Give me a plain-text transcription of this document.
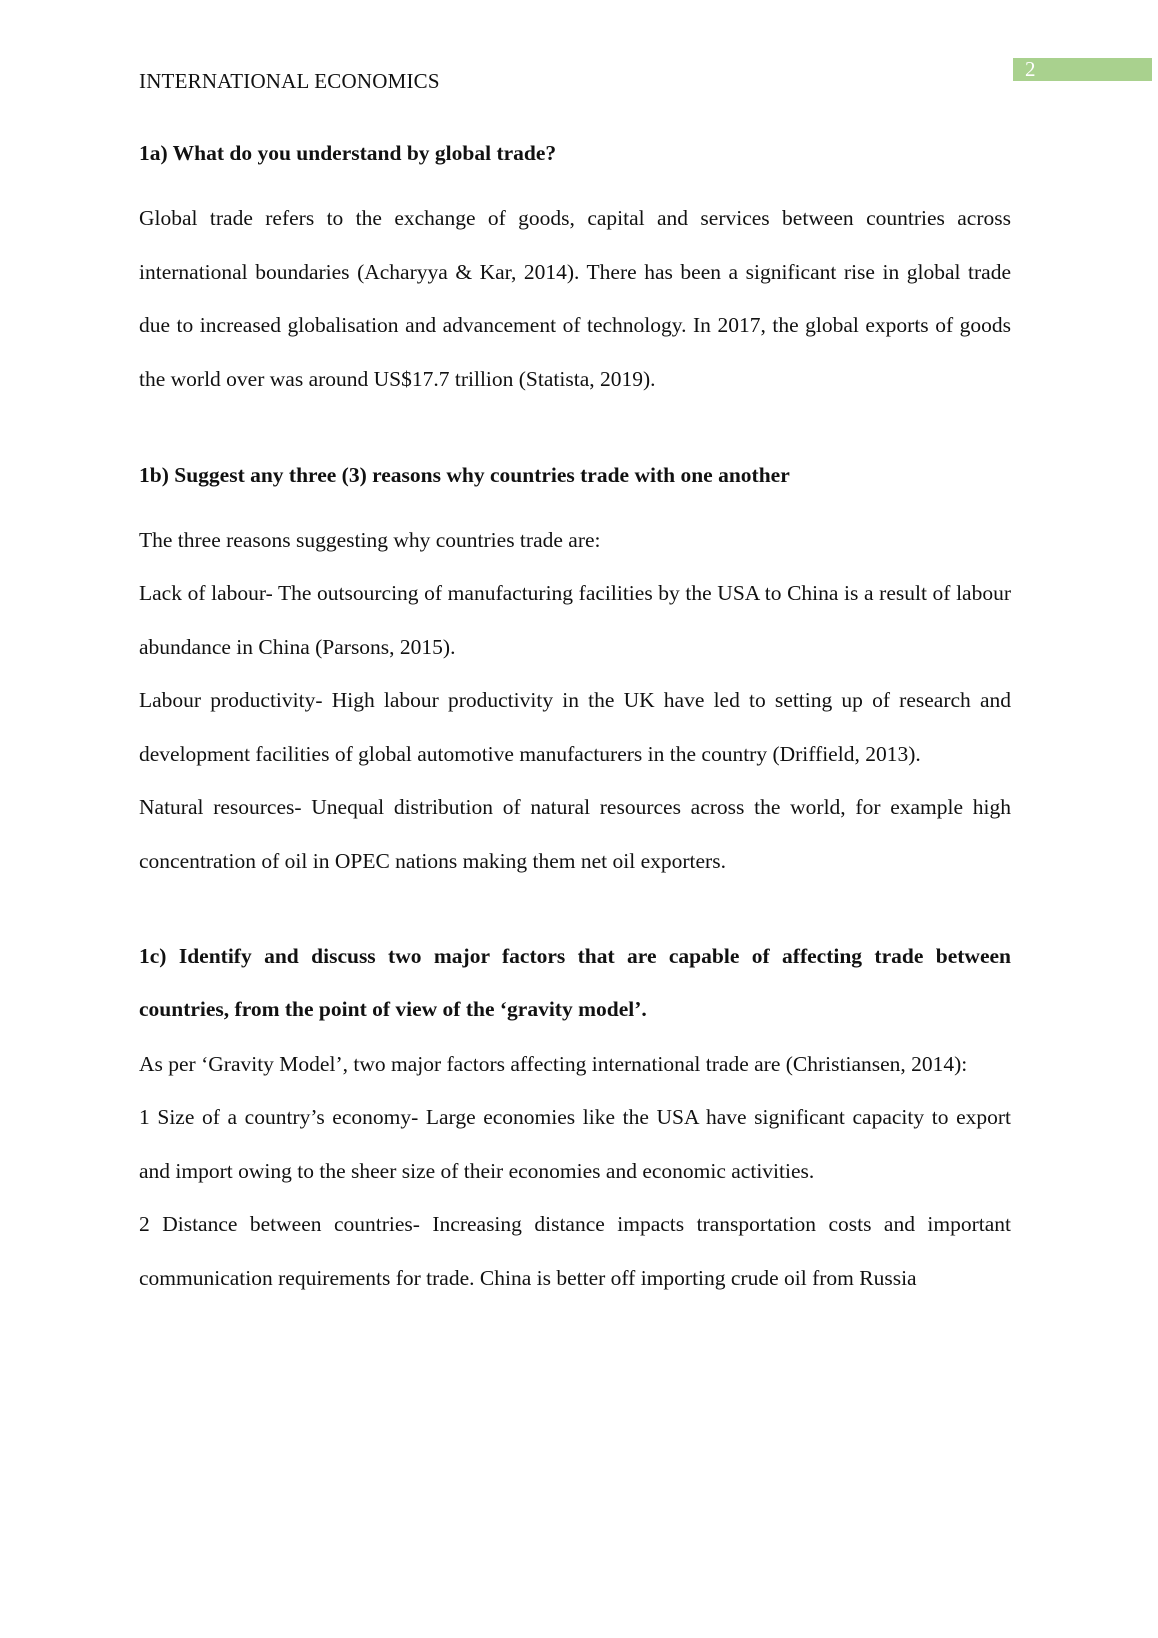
2
INTERNATIONAL ECONOMICS

1a) What do you understand by global trade?

Global trade refers to the exchange of goods, capital and services between countries across international boundaries (Acharyya & Kar, 2014). There has been a significant rise in global trade due to increased globalisation and advancement of technology. In 2017, the global exports of goods the world over was around US$17.7 trillion (Statista, 2019).

1b) Suggest any three (3) reasons why countries trade with one another

The three reasons suggesting why countries trade are:

Lack of labour- The outsourcing of manufacturing facilities by the USA to China is a result of labour abundance in China (Parsons, 2015).

Labour productivity- High labour productivity in the UK have led to setting up of research and development facilities of global automotive manufacturers in the country (Driffield, 2013).

Natural resources- Unequal distribution of natural resources across the world, for example high concentration of oil in OPEC nations making them net oil exporters.

1c) Identify and discuss two major factors that are capable of affecting trade between countries, from the point of view of the ‘gravity model’.

As per ‘Gravity Model’, two major factors affecting international trade are (Christiansen, 2014):

1 Size of a country’s economy- Large economies like the USA have significant capacity to export and import owing to the sheer size of their economies and economic activities.

2 Distance between countries- Increasing distance impacts transportation costs and important communication requirements for trade. China is better off importing crude oil from Russia
